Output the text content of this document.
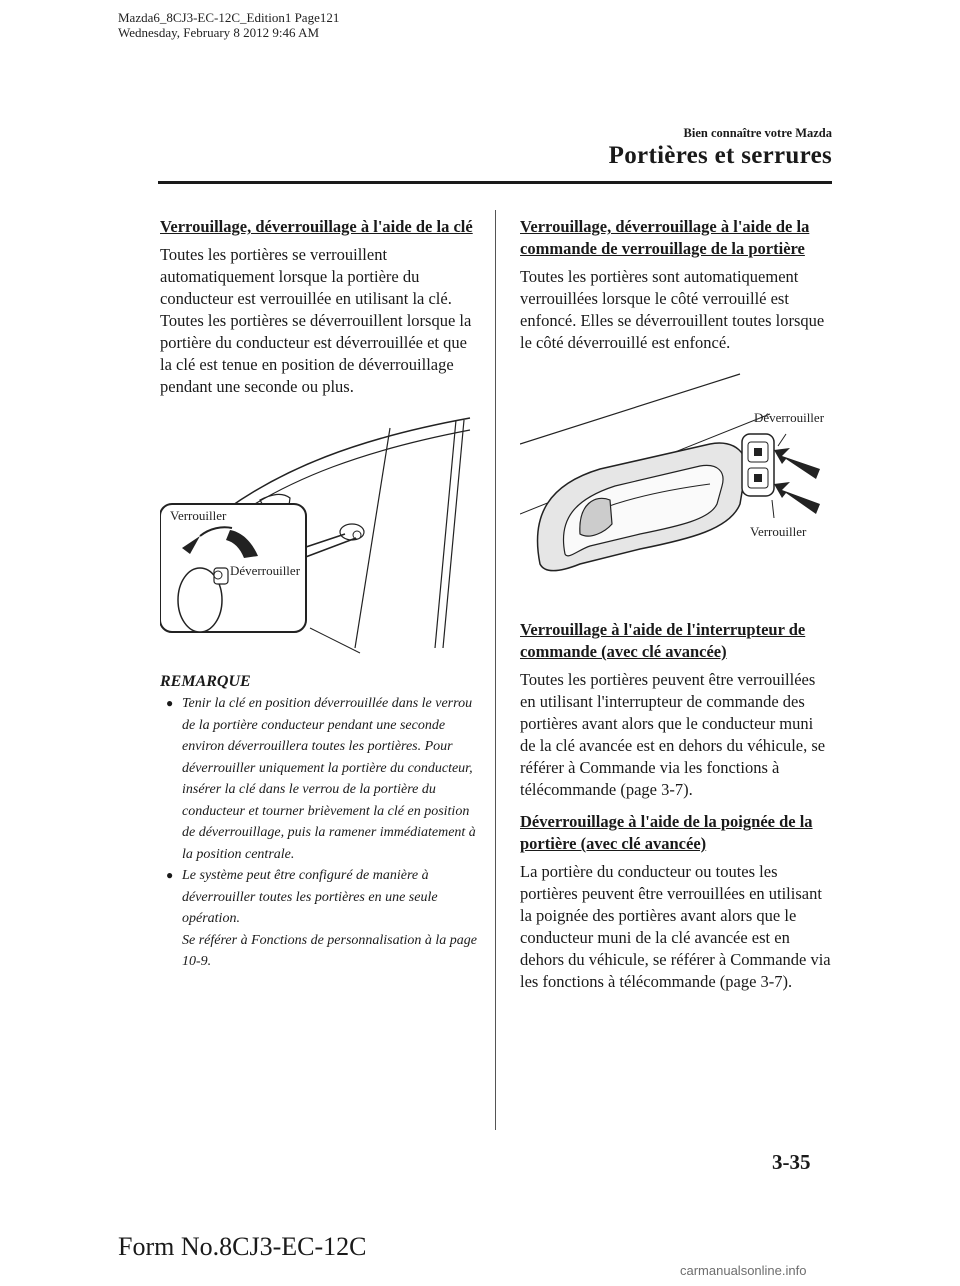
Mazda6_8CJ3-EC-12C_Edition1 Page121
Wednesday, February 8 2012 9:46 AM
Bien connaître votre Mazda
Portières et serrures
Verrouillage, déverrouillage à l'aide de la clé
Toutes les portières se verrouillent automatiquement lorsque la portière du conducteur est verrouillée en utilisant la clé.
Toutes les portières se déverrouillent lorsque la portière du conducteur est déverrouillée et que la clé est tenue en position de déverrouillage pendant une seconde ou plus.
Verrouiller
Déverrouiller
REMARQUE
● Tenir la clé en position déverrouillée dans le verrou de la portière conducteur pendant une seconde environ déverrouillera toutes les portières. Pour déverrouiller uniquement la portière du conducteur, insérer la clé dans le verrou de la portière du conducteur et tourner brièvement la clé en position de déverrouillage, puis la ramener immédiatement à la position centrale.
● Le système peut être configuré de manière à déverrouiller toutes les portières en une seule opération.
Se référer à Fonctions de personnalisation à la page 10-9.
Verrouillage, déverrouillage à l'aide de la commande de verrouillage de la portière
Toutes les portières sont automatiquement verrouillées lorsque le côté verrouillé est enfoncé. Elles se déverrouillent toutes lorsque le côté déverrouillé est enfoncé.
Déverrouiller
Verrouiller
Verrouillage à l'aide de l'interrupteur de commande (avec clé avancée)
Toutes les portières peuvent être verrouillées en utilisant l'interrupteur de commande des portières avant alors que le conducteur muni de la clé avancée est en dehors du véhicule, se référer à Commande via les fonctions à télécommande (page 3-7).
Déverrouillage à l'aide de la poignée de la portière (avec clé avancée)
La portière du conducteur ou toutes les portières peuvent être verrouillées en utilisant la poignée des portières avant alors que le conducteur muni de la clé avancée est en dehors du véhicule, se référer à Commande via les fonctions à télécommande (page 3-7).
3-35
Form No.8CJ3-EC-12C
carmanualsonline.info
